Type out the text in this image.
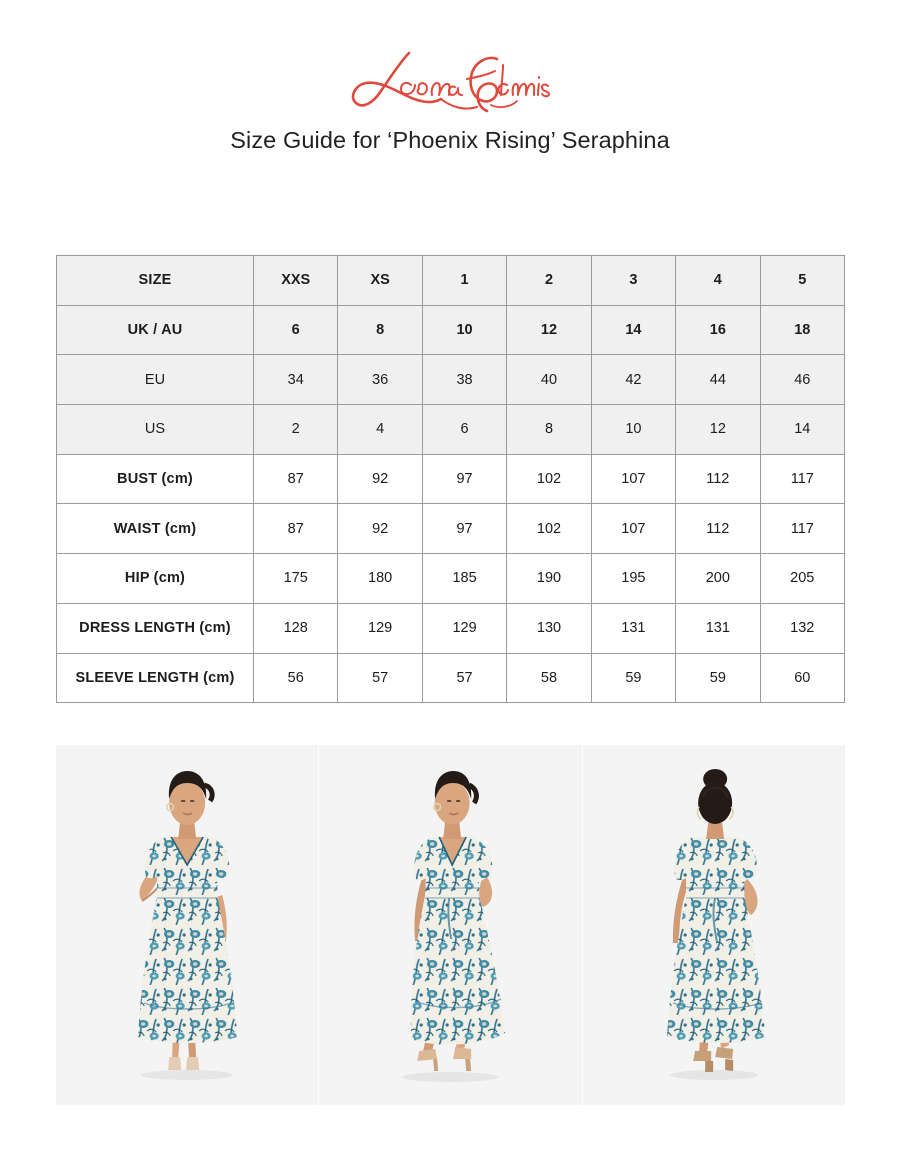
Size Guide for ‘Phoenix Rising’ Seraphina
SIZE	XXS	XS	1	2	3	4	5
UK / AU	6	8	10	12	14	16	18
EU	34	36	38	40	42	44	46
US	2	4	6	8	10	12	14
BUST (cm)	87	92	97	102	107	112	117
WAIST (cm)	87	92	97	102	107	112	117
HIP (cm)	175	180	185	190	195	200	205
DRESS LENGTH (cm)	128	129	129	130	131	131	132
SLEEVE LENGTH (cm)	56	57	57	58	59	59	60
